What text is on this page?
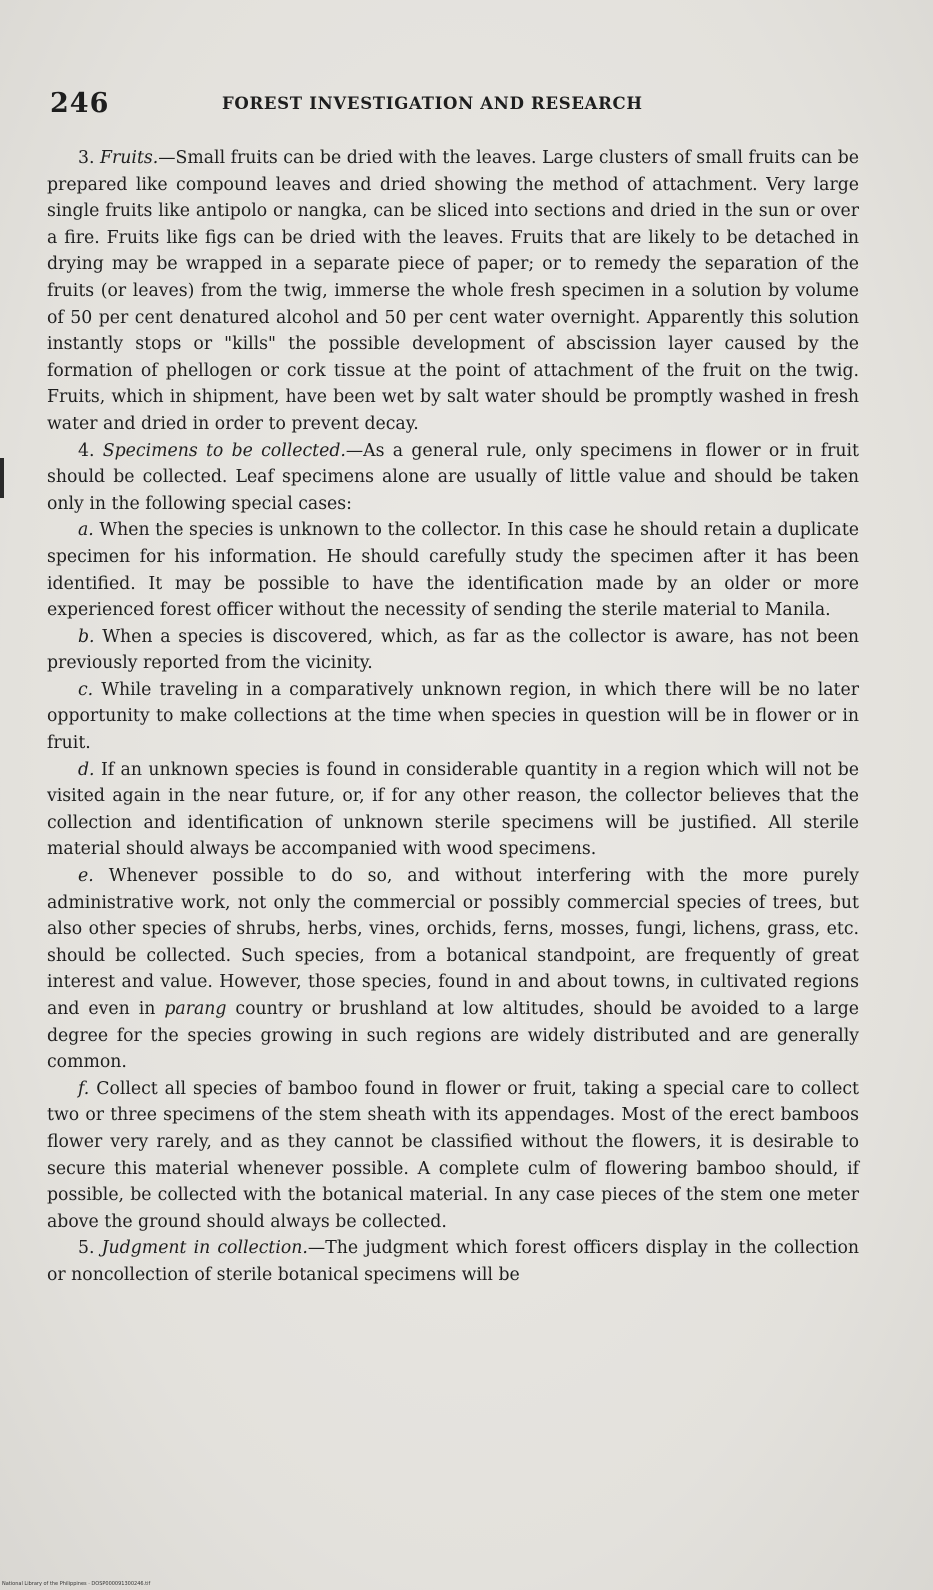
246	FOREST INVESTIGATION AND RESEARCH

3. Fruits.—Small fruits can be dried with the leaves. Large clusters of small fruits can be prepared like compound leaves and dried showing the method of attachment. Very large single fruits like antipolo or nangka, can be sliced into sections and dried in the sun or over a fire. Fruits like figs can be dried with the leaves. Fruits that are likely to be detached in drying may be wrapped in a separate piece of paper; or to remedy the separation of the fruits (or leaves) from the twig, immerse the whole fresh specimen in a solution by volume of 50 per cent denatured alcohol and 50 per cent water overnight. Apparently this solution instantly stops or "kills" the possible development of abscission layer caused by the formation of phellogen or cork tissue at the point of attachment of the fruit on the twig. Fruits, which in shipment, have been wet by salt water should be promptly washed in fresh water and dried in order to prevent decay.

4. Specimens to be collected.—As a general rule, only specimens in flower or in fruit should be collected. Leaf specimens alone are usually of little value and should be taken only in the following special cases:

a. When the species is unknown to the collector. In this case he should retain a duplicate specimen for his information. He should carefully study the specimen after it has been identified. It may be possible to have the identification made by an older or more experienced forest officer without the necessity of sending the sterile material to Manila.

b. When a species is discovered, which, as far as the collector is aware, has not been previously reported from the vicinity.

c. While traveling in a comparatively unknown region, in which there will be no later opportunity to make collections at the time when species in question will be in flower or in fruit.

d. If an unknown species is found in considerable quantity in a region which will not be visited again in the near future, or, if for any other reason, the collector believes that the collection and identification of unknown sterile specimens will be justified. All sterile material should always be accompanied with wood specimens.

e. Whenever possible to do so, and without interfering with the more purely administrative work, not only the commercial or possibly commercial species of trees, but also other species of shrubs, herbs, vines, orchids, ferns, mosses, fungi, lichens, grass, etc. should be collected. Such species, from a botanical standpoint, are frequently of great interest and value. However, those species, found in and about towns, in cultivated regions and even in parang country or brushland at low altitudes, should be avoided to a large degree for the species growing in such regions are widely distributed and are generally common.

f. Collect all species of bamboo found in flower or fruit, taking a special care to collect two or three specimens of the stem sheath with its appendages. Most of the erect bamboos flower very rarely, and as they cannot be classified without the flowers, it is desirable to secure this material whenever possible. A complete culm of flowering bamboo should, if possible, be collected with the botanical material. In any case pieces of the stem one meter above the ground should always be collected.

5. Judgment in collection.—The judgment which forest officers display in the collection or noncollection of sterile botanical specimens will be

National Library of the Philippines · DOSP000091300246.tif
